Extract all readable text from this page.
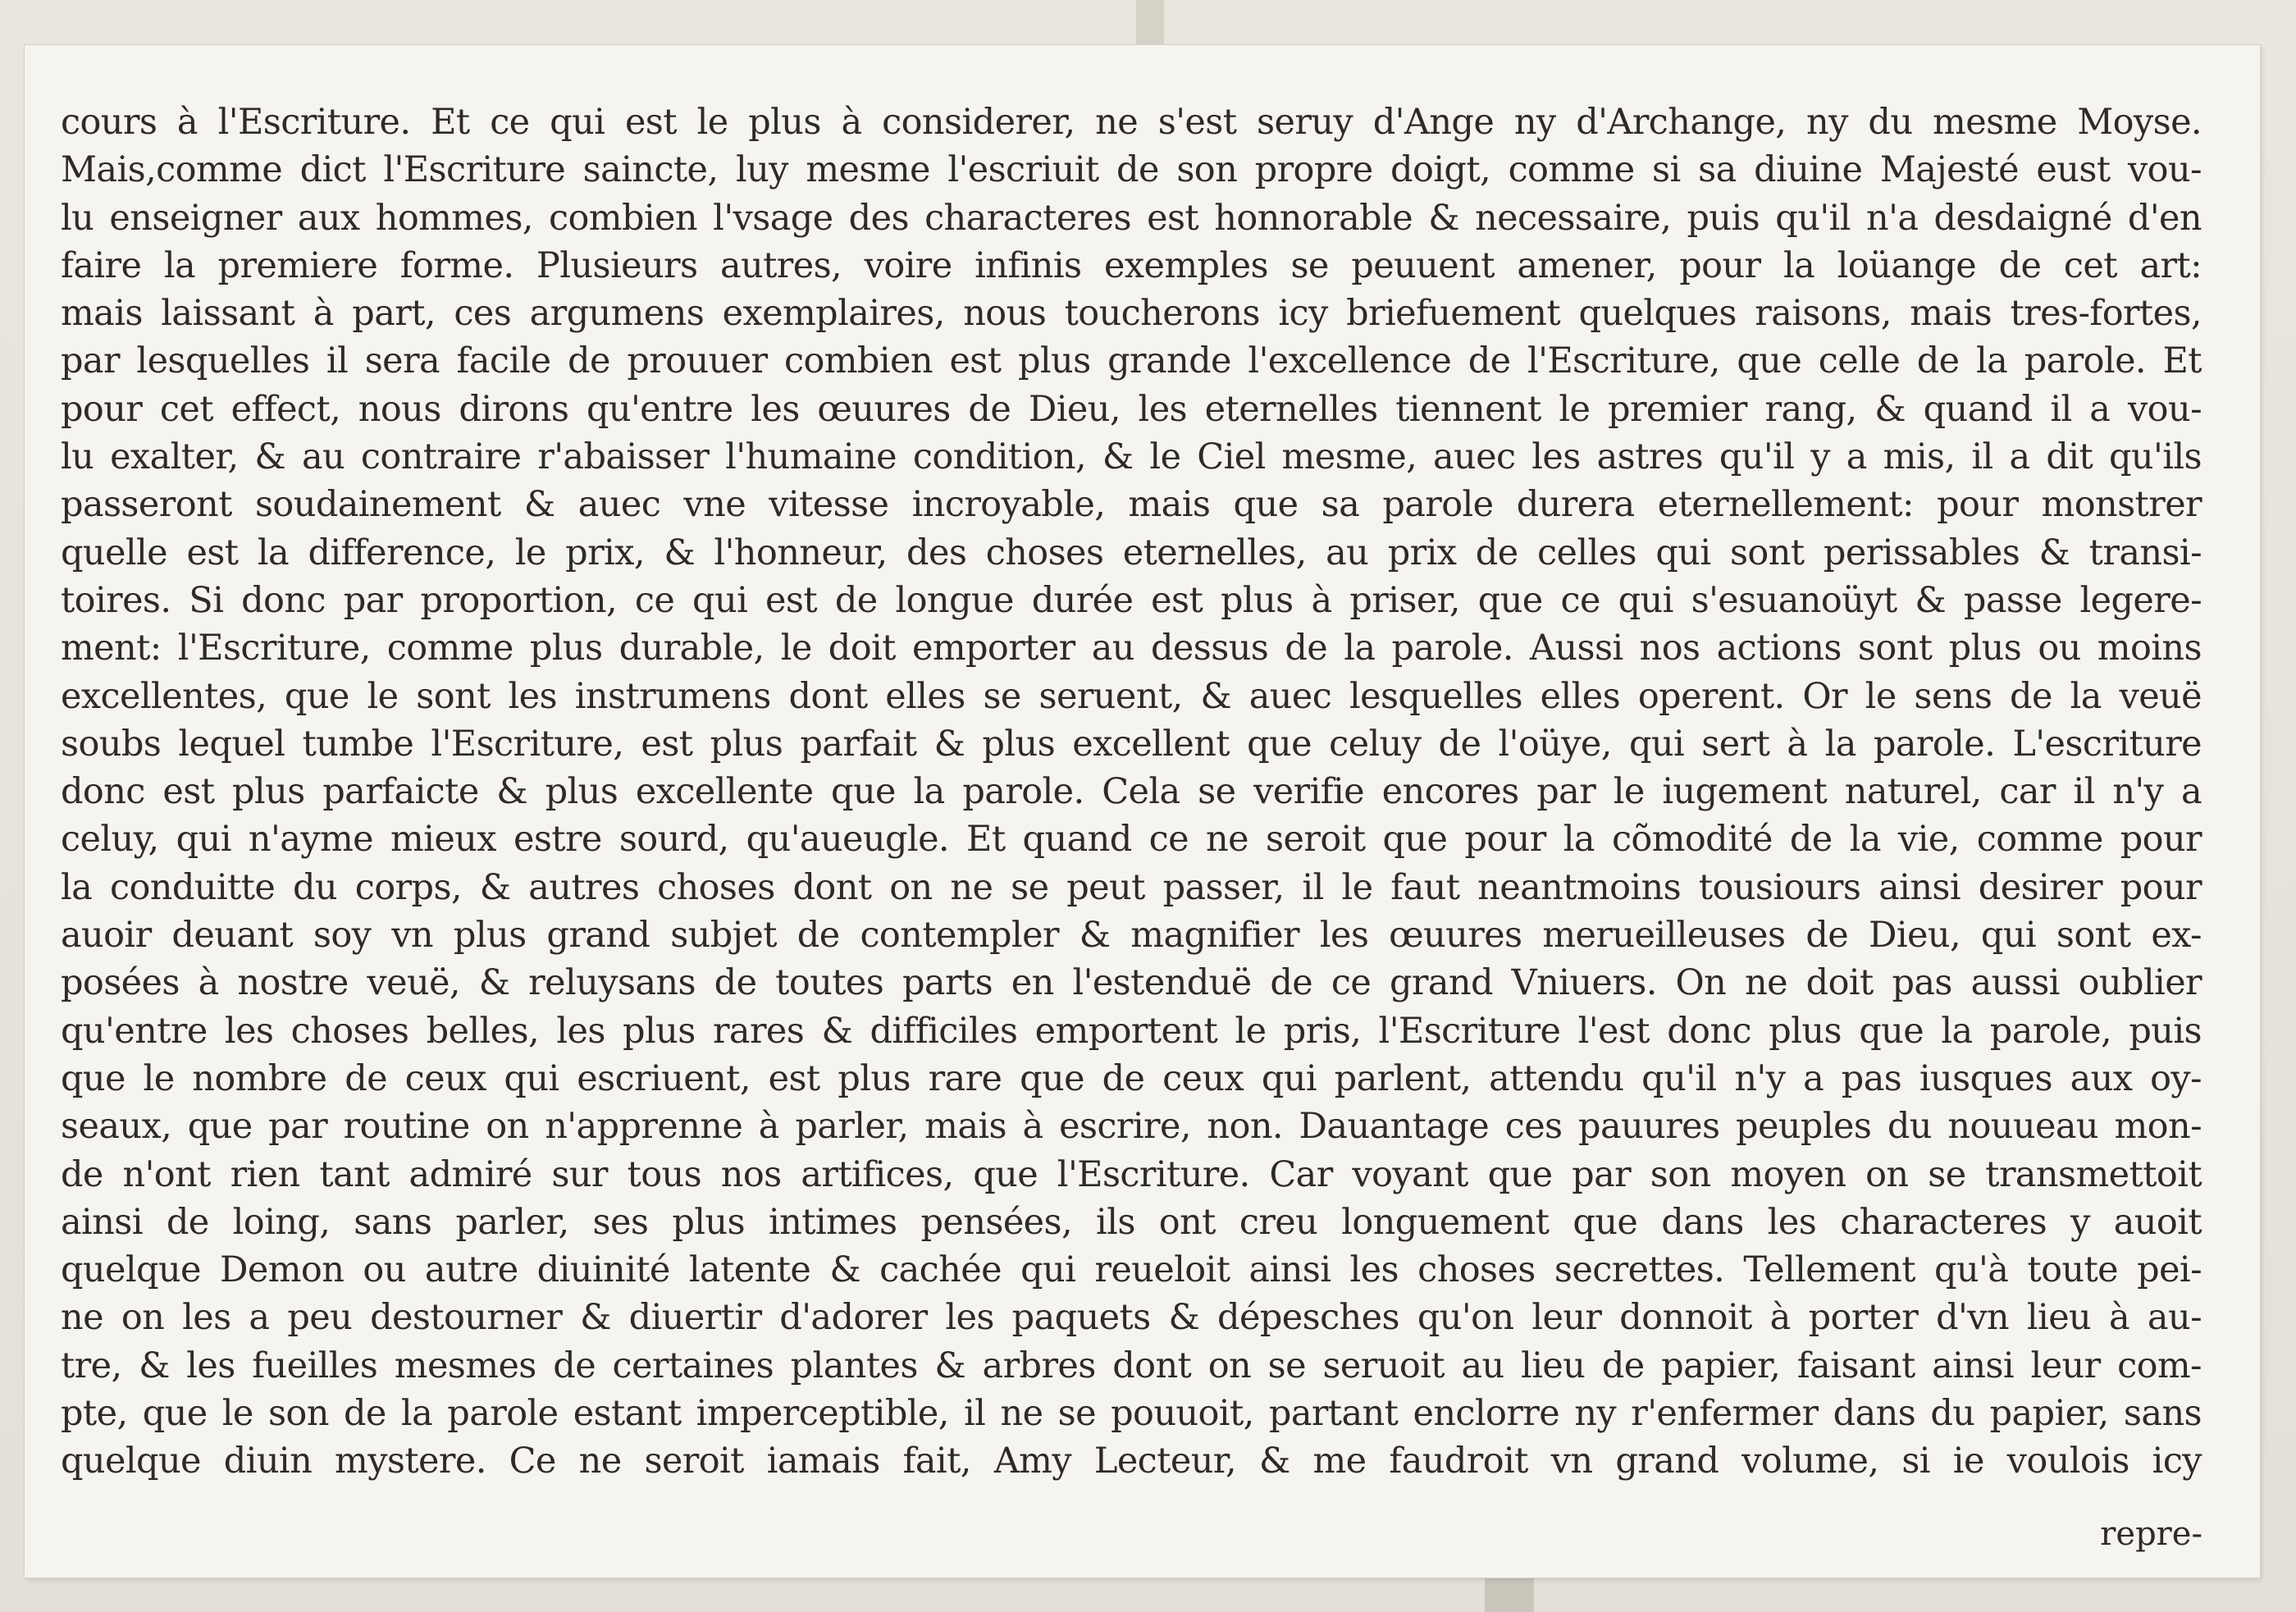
cours à l'Escriture. Et ce qui est le plus à considerer, ne s'est seruy d'Ange ny d'Archange, ny du mesme Moyse.
Mais,comme dict l'Escriture saincte, luy mesme l'escriuit de son propre doigt, comme si sa diuine Majesté eust vou-
lu enseigner aux hommes, combien l'vsage des characteres est honnorable & necessaire, puis qu'il n'a desdaigné d'en
faire la premiere forme. Plusieurs autres, voire infinis exemples se peuuent amener, pour la loüange de cet art:
mais laissant à part, ces argumens exemplaires, nous toucherons icy briefuement quelques raisons, mais tres-fortes,
par lesquelles il sera facile de prouuer combien est plus grande l'excellence de l'Escriture, que celle de la parole. Et
pour cet effect, nous dirons qu'entre les œuures de Dieu, les eternelles tiennent le premier rang, & quand il a vou-
lu exalter, & au contraire r'abaisser l'humaine condition, & le Ciel mesme, auec les astres qu'il y a mis, il a dit qu'ils
passeront soudainement & auec vne vitesse incroyable, mais que sa parole durera eternellement: pour monstrer
quelle est la difference, le prix, & l'honneur, des choses eternelles, au prix de celles qui sont perissables & transi-
toires. Si donc par proportion, ce qui est de longue durée est plus à priser, que ce qui s'esuanoüyt & passe legere-
ment: l'Escriture, comme plus durable, le doit emporter au dessus de la parole. Aussi nos actions sont plus ou moins
excellentes, que le sont les instrumens dont elles se seruent, & auec lesquelles elles operent. Or le sens de la veuë
soubs lequel tumbe l'Escriture, est plus parfait & plus excellent que celuy de l'oüye, qui sert à la parole. L'escriture
donc est plus parfaicte & plus excellente que la parole. Cela se verifie encores par le iugement naturel, car il n'y a
celuy, qui n'ayme mieux estre sourd, qu'aueugle. Et quand ce ne seroit que pour la cõmodité de la vie, comme pour
la conduitte du corps, & autres choses dont on ne se peut passer, il le faut neantmoins tousiours ainsi desirer pour
auoir deuant soy vn plus grand subjet de contempler & magnifier les œuures merueilleuses de Dieu, qui sont ex-
posées à nostre veuë, & reluysans de toutes parts en l'estenduë de ce grand Vniuers. On ne doit pas aussi oublier
qu'entre les choses belles, les plus rares & difficiles emportent le pris, l'Escriture l'est donc plus que la parole, puis
que le nombre de ceux qui escriuent, est plus rare que de ceux qui parlent, attendu qu'il n'y a pas iusques aux oy-
seaux, que par routine on n'apprenne à parler, mais à escrire, non. Dauantage ces pauures peuples du nouueau mon-
de n'ont rien tant admiré sur tous nos artifices, que l'Escriture. Car voyant que par son moyen on se transmettoit
ainsi de loing, sans parler, ses plus intimes pensées, ils ont creu longuement que dans les characteres y auoit
quelque Demon ou autre diuinité latente & cachée qui reueloit ainsi les choses secrettes. Tellement qu'à toute pei-
ne on les a peu destourner & diuertir d'adorer les paquets & dépesches qu'on leur donnoit à porter d'vn lieu à au-
tre, & les fueilles mesmes de certaines plantes & arbres dont on se seruoit au lieu de papier, faisant ainsi leur com-
pte, que le son de la parole estant imperceptible, il ne se pouuoit, partant enclorre ny r'enfermer dans du papier, sans
quelque diuin mystere. Ce ne seroit iamais fait, Amy Lecteur, & me faudroit vn grand volume, si ie voulois icy
repre-
